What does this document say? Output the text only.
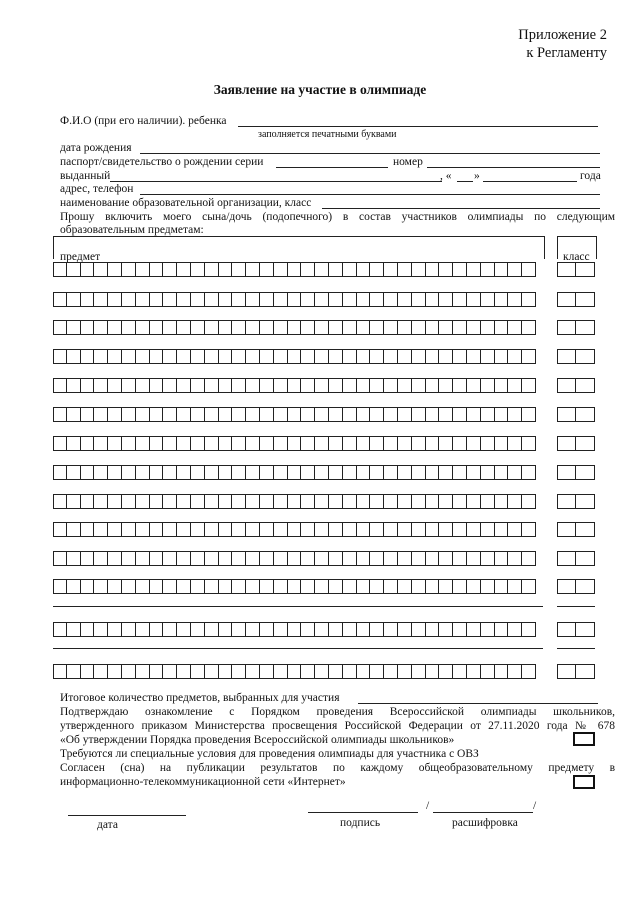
Приложение 2
к Регламенту
Заявление на участие в олимпиаде
Ф.И.О (при его наличии). ребенка
заполняется печатными буквами
дата рождения
паспорт/свидетельство о рождении серии	номер
выданный	, « »	года
адрес, телефон
наименование образовательной организации, класс
Прошу включить моего сына/дочь (подопечного) в состав участников олимпиады по следующим
образовательным предметам:
предмет	класс
Итоговое количество предметов, выбранных для участия
Подтверждаю ознакомление с Порядком проведения Всероссийской олимпиады школьников,
утвержденного приказом Министерства просвещения Российской Федерации от 27.11.2020 года № 678
«Об утверждении Порядка проведения Всероссийской олимпиады школьников»
Требуются ли специальные условия для проведения олимпиады для участника с ОВЗ
Согласен (сна) на публикации результатов по каждому общеобразовательному предмету в
информационно-телекоммуникационной сети «Интернет»
/	/
дата	подпись	расшифровка
